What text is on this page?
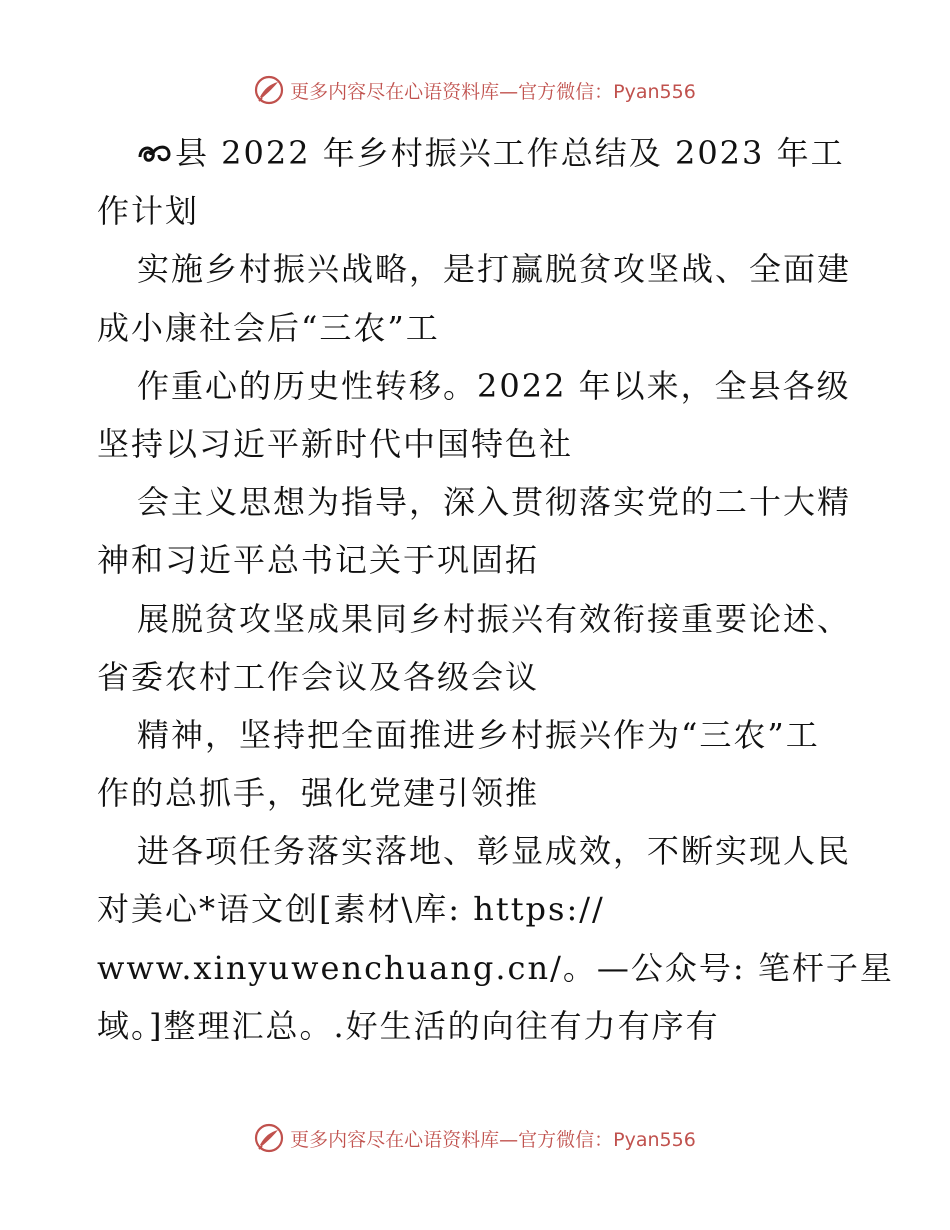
更多内容尽在心语资料库—官方微信：Pyan556
县 2022 年乡村振兴工作总结及 2023 年工
作计划
实施乡村振兴战略，是打赢脱贫攻坚战、全面建
成小康社会后“三农”工
作重心的历史性转移。2022 年以来，全县各级
坚持以习近平新时代中国特色社
会主义思想为指导，深入贯彻落实党的二十大精
神和习近平总书记关于巩固拓
展脱贫攻坚成果同乡村振兴有效衔接重要论述、
省委农村工作会议及各级会议
精神，坚持把全面推进乡村振兴作为“三农”工
作的总抓手，强化党建引领推
进各项任务落实落地、彰显成效，不断实现人民
对美心*语文创[素材\库: https://
www.xinyuwenchuang.cn/。—公众号: 笔杆子星
域。]整理汇总。.好生活的向往有力有序有
更多内容尽在心语资料库—官方微信：Pyan556
